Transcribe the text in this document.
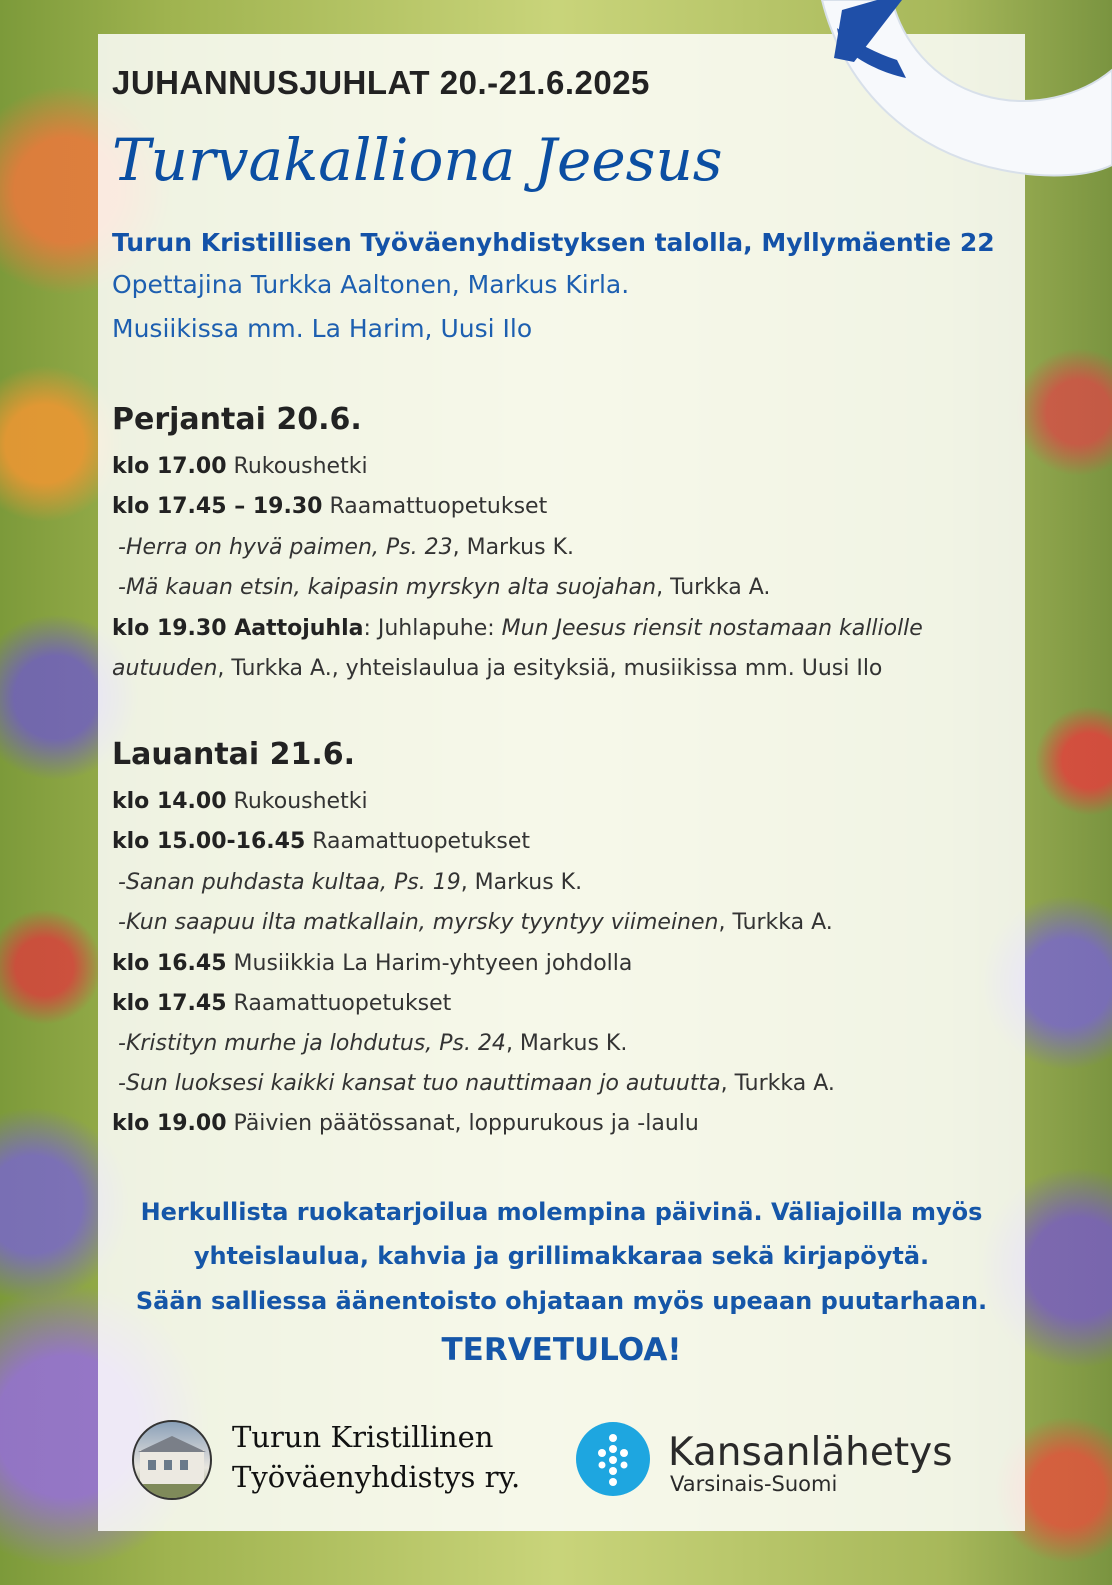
JUHANNUSJUHLAT 20.-21.6.2025
Turvakalliona Jeesus
Turun Kristillisen Työväenyhdistyksen talolla, Myllymäentie 22
Opettajina Turkka Aaltonen, Markus Kirla.
Musiikissa mm. La Harim, Uusi Ilo
Perjantai 20.6.
klo 17.00 Rukoushetki
klo 17.45 – 19.30 Raamattuopetukset
-Herra on hyvä paimen, Ps. 23, Markus K.
-Mä kauan etsin, kaipasin myrskyn alta suojahan, Turkka A.
klo 19.30 Aattojuhla: Juhlapuhe: Mun Jeesus riensit nostamaan kalliolle
autuuden, Turkka A., yhteislaulua ja esityksiä, musiikissa mm. Uusi Ilo
Lauantai 21.6.
klo 14.00 Rukoushetki
klo 15.00-16.45 Raamattuopetukset
-Sanan puhdasta kultaa, Ps. 19, Markus K.
-Kun saapuu ilta matkallain, myrsky tyyntyy viimeinen, Turkka A.
klo 16.45 Musiikkia La Harim-yhtyeen johdolla
klo 17.45 Raamattuopetukset
-Kristityn murhe ja lohdutus, Ps. 24, Markus K.
-Sun luoksesi kaikki kansat tuo nauttimaan jo autuutta, Turkka A.
klo 19.00 Päivien päätössanat, loppurukous ja -laulu
Herkullista ruokatarjoilua molempina päivinä. Väliajoilla myös
yhteislaulua, kahvia ja grillimakkaraa sekä kirjapöytä.
Sään salliessa äänentoisto ohjataan myös upeaan puutarhaan.
TERVETULOA!
Turun Kristillinen
Työväenyhdistys ry.
Kansanlähetys
Varsinais-Suomi
